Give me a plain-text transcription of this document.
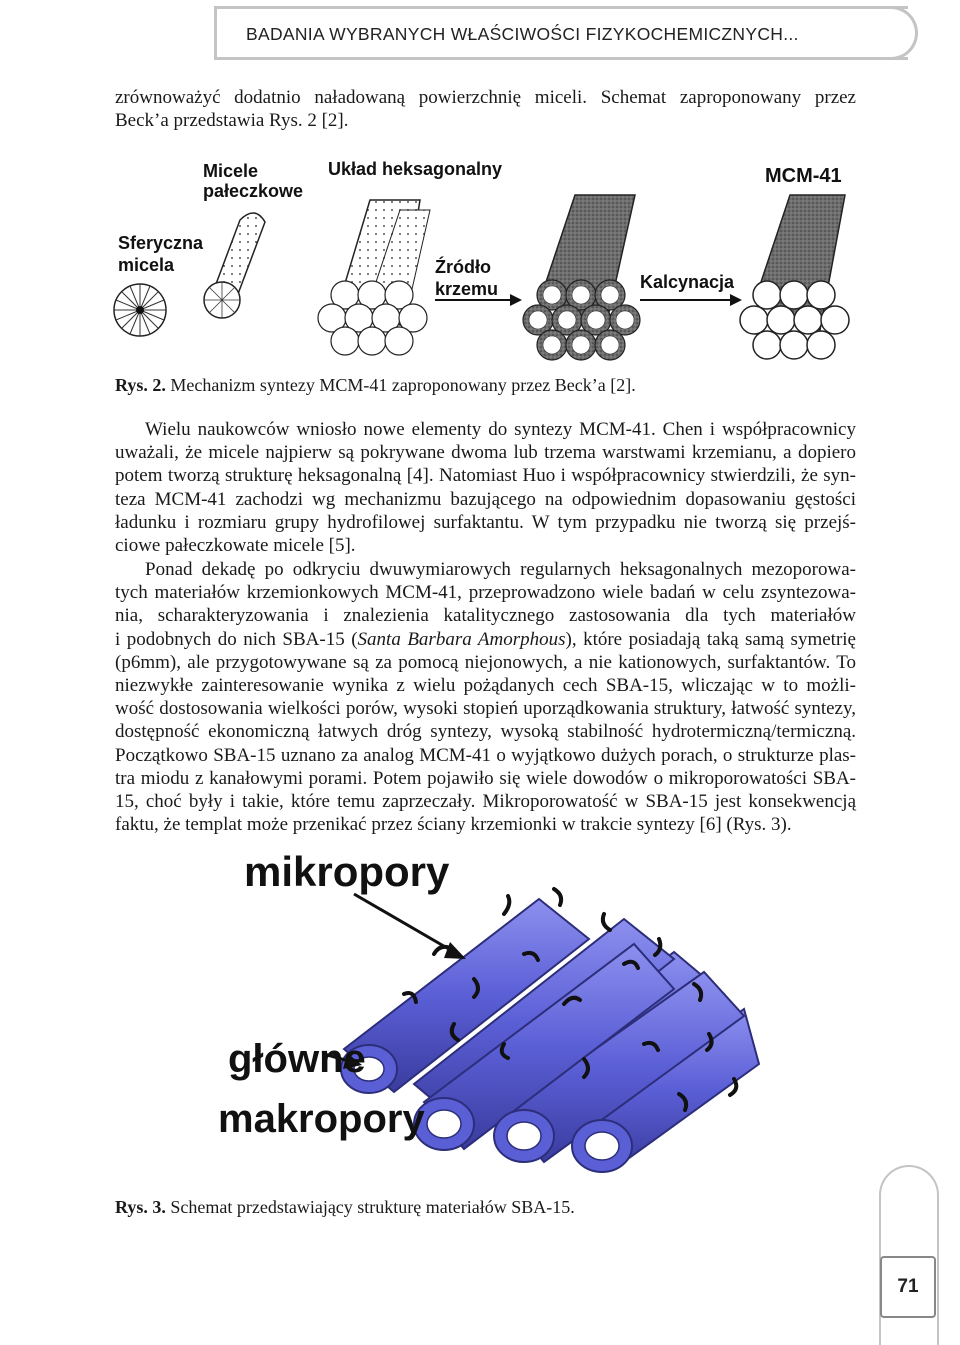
BADANIA WYBRANYCH WŁAŚCIWOŚCI FIZYKOCHEMICZNYCH...
zrównoważyć dodatnio naładowaną powierzchnię miceli. Schemat zaproponowany przez
Beck’a przedstawia Rys. 2 [2].
Micele
pałeczkowe
Układ heksagonalny	MCM-41
Sferyczna
micela	Źródło
krzemu	Kalcynacja
Rys. 2. Mechanizm syntezy MCM-41 zaproponowany przez Beck’a [2].
Wielu naukowców wniosło nowe elementy do syntezy MCM-41. Chen i współpracownicy
uważali, że micele najpierw są pokrywane dwoma lub trzema warstwami krzemianu, a dopiero
potem tworzą strukturę heksagonalną [4]. Natomiast Huo i współpracownicy stwierdzili, że syn-
teza MCM-41 zachodzi wg mechanizmu bazującego na odpowiednim dopasowaniu gęstości
ładunku i rozmiaru grupy hydrofilowej surfaktantu. W tym przypadku nie tworzą się przejś-
ciowe pałeczkowate micele [5].
Ponad dekadę po odkryciu dwuwymiarowych regularnych heksagonalnych mezoporowa-
tych materiałów krzemionkowych MCM-41, przeprowadzono wiele badań w celu zsyntezowa-
nia, scharakteryzowania i znalezienia katalitycznego zastosowania dla tych materiałów
i podobnych do nich SBA-15 (Santa Barbara Amorphous), które posiadają taką samą symetrię
(p6mm), ale przygotowywane są za pomocą niejonowych, a nie kationowych, surfaktantów. To
niezwykłe zainteresowanie wynika z wielu pożądanych cech SBA-15, wliczając w to możli-
wość dostosowania wielkości porów, wysoki stopień uporządkowania struktury, łatwość syntezy,
dostępność ekonomiczną łatwych dróg syntezy, wysoką stabilność hydrotermiczną/termiczną.
Początkowo SBA-15 uznano za analog MCM-41 o wyjątkowo dużych porach, o strukturze plas-
tra miodu z kanałowymi porami. Potem pojawiło się wiele dowodów o mikroporowatości SBA-
15, choć były i takie, które temu zaprzeczały. Mikroporowatość w SBA-15 jest konsekwencją
faktu, że templat może przenikać przez ściany krzemionki w trakcie syntezy [6] (Rys. 3).
mikropory
główne
makropory
Rys. 3. Schemat przedstawiający strukturę materiałów SBA-15.
71
